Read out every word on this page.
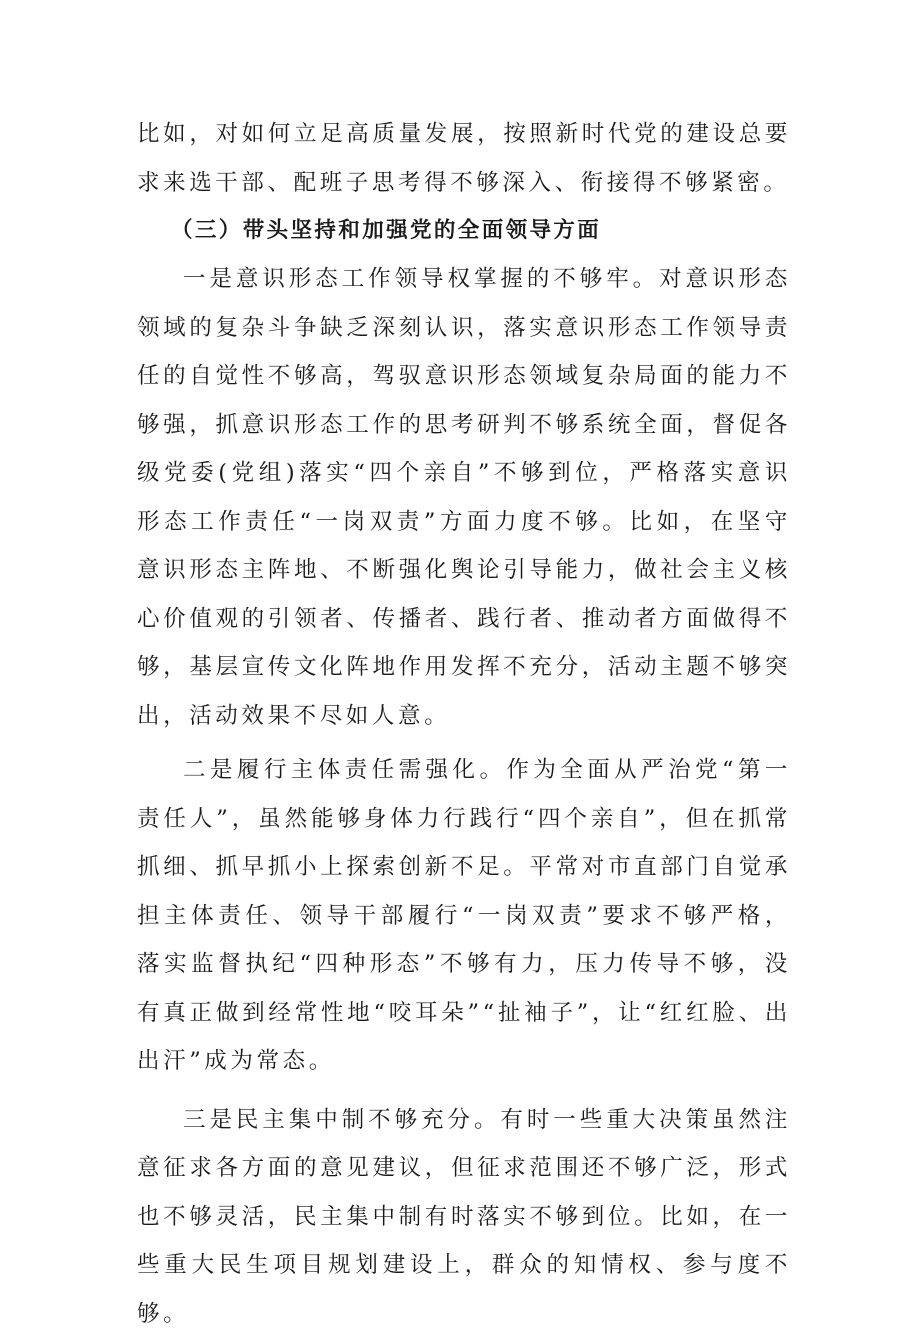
比如，对如何立足高质量发展，按照新时代党的建设总要求来选干部、配班子思考得不够深入、衔接得不够紧密。

（三）带头坚持和加强党的全面领导方面

一是意识形态工作领导权掌握的不够牢。对意识形态领域的复杂斗争缺乏深刻认识，落实意识形态工作领导责任的自觉性不够高，驾驭意识形态领域复杂局面的能力不够强，抓意识形态工作的思考研判不够系统全面，督促各级党委(党组)落实“四个亲自”不够到位，严格落实意识形态工作责任“一岗双责”方面力度不够。比如，在坚守意识形态主阵地、不断强化舆论引导能力，做社会主义核心价值观的引领者、传播者、践行者、推动者方面做得不够，基层宣传文化阵地作用发挥不充分，活动主题不够突出，活动效果不尽如人意。

二是履行主体责任需强化。作为全面从严治党“第一责任人”，虽然能够身体力行践行“四个亲自”，但在抓常抓细、抓早抓小上探索创新不足。平常对市直部门自觉承担主体责任、领导干部履行“一岗双责”要求不够严格，落实监督执纪“四种形态”不够有力，压力传导不够，没有真正做到经常性地“咬耳朵”“扯袖子”，让“红红脸、出出汗”成为常态。

三是民主集中制不够充分。有时一些重大决策虽然注意征求各方面的意见建议，但征求范围还不够广泛，形式也不够灵活，民主集中制有时落实不够到位。比如，在一些重大民生项目规划建设上，群众的知情权、参与度不够。
